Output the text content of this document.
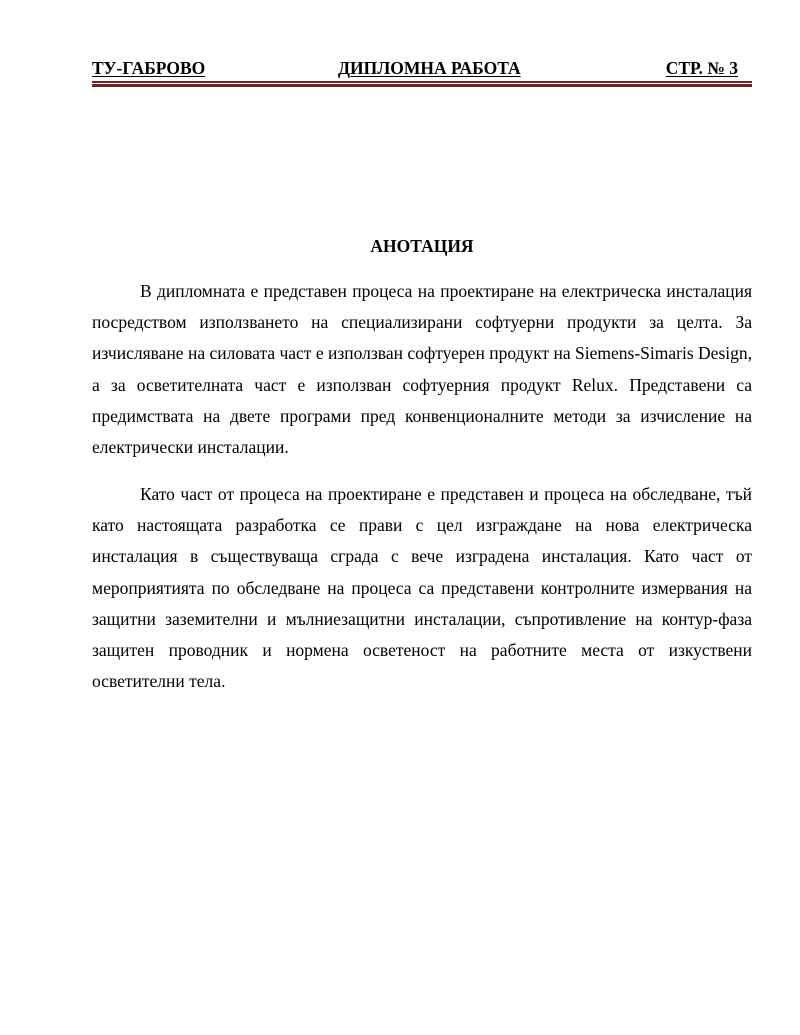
ТУ-ГАБРОВО	ДИПЛОМНА РАБОТА	СТР. № 3
АНОТАЦИЯ

В дипломната е представен процеса на проектиране на електрическа инсталация посредством използването на специализирани софтуерни продукти за целта. За изчисляване на силовата част е използван софтуерен продукт на Siemens-Simaris Design, а за осветителната част е използван софтуерния продукт Relux. Представени са предимствата на двете програми пред конвенционалните методи за изчисление на електрически инсталации.

Като част от процеса на проектиране е представен и процеса на обследване, тъй като настоящата разработка се прави с цел изграждане на нова електрическа инсталация в съществуваща сграда с вече изградена инсталация. Като част от мероприятията по обследване на процеса са представени контролните измервания на защитни заземителни и мълниезащитни инсталации, съпротивление на контур-фаза защитен проводник и нормена осветеност на работните места от изкуствени осветителни тела.
